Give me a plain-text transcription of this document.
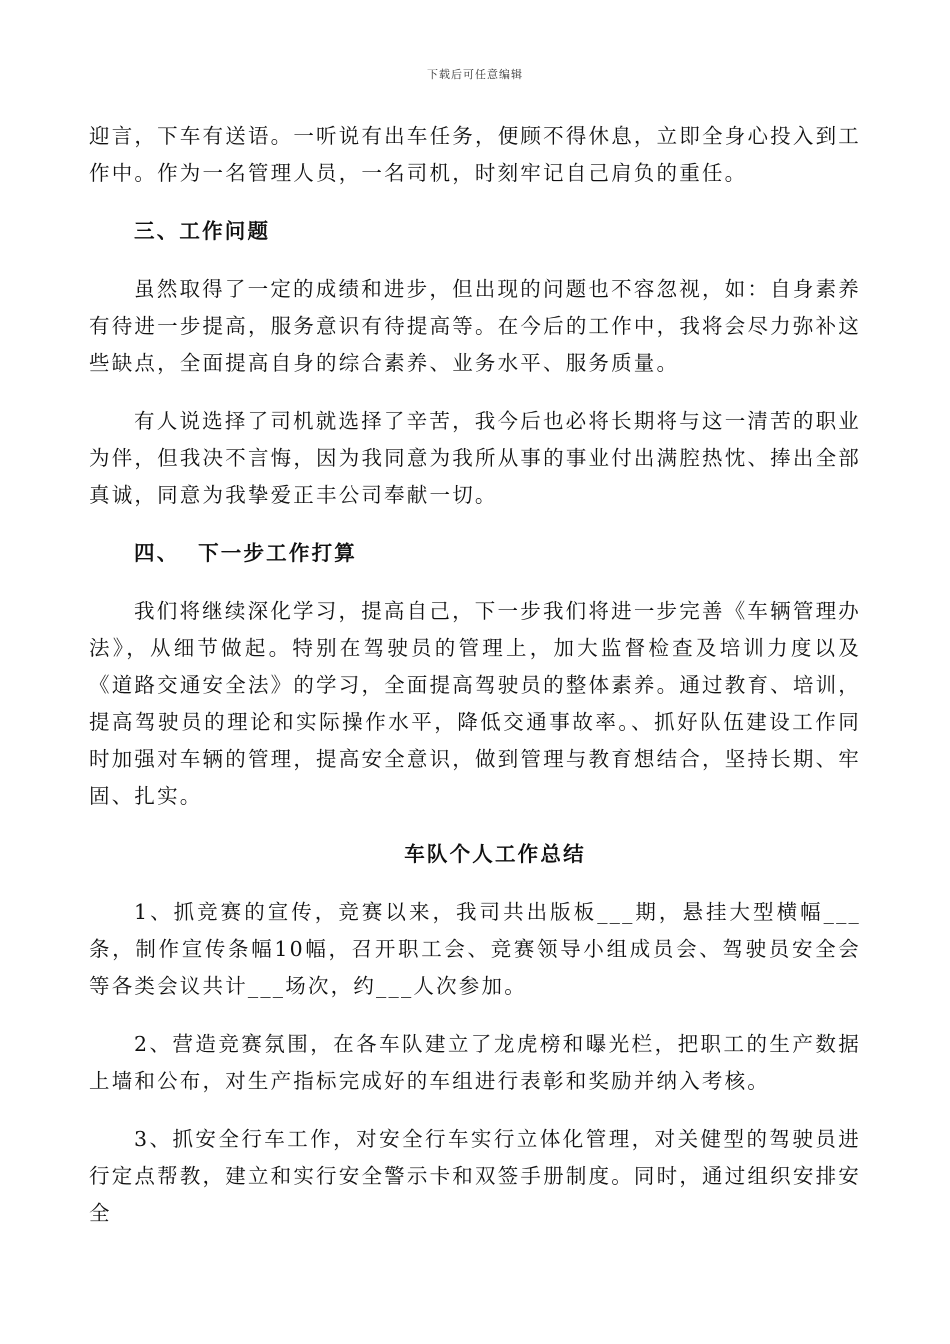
下载后可任意编辑

迎言，下车有送语。一听说有出车任务，便顾不得休息，立即全身心投入到工作中。作为一名管理人员，一名司机，时刻牢记自己肩负的重任。

三、工作问题

虽然取得了一定的成绩和进步，但出现的问题也不容忽视，如：自身素养有待进一步提高，服务意识有待提高等。在今后的工作中，我将会尽力弥补这些缺点，全面提高自身的综合素养、业务水平、服务质量。

有人说选择了司机就选择了辛苦，我今后也必将长期将与这一清苦的职业为伴，但我决不言悔，因为我同意为我所从事的事业付出满腔热忱、捧出全部真诚，同意为我挚爱正丰公司奉献一切。

四、  下一步工作打算

我们将继续深化学习，提高自己，下一步我们将进一步完善《车辆管理办法》，从细节做起。特别在驾驶员的管理上，加大监督检查及培训力度以及《道路交通安全法》的学习，全面提高驾驶员的整体素养。通过教育、培训，提高驾驶员的理论和实际操作水平，降低交通事故率。、抓好队伍建设工作同时加强对车辆的管理，提高安全意识，做到管理与教育想结合，坚持长期、牢固、扎实。

车队个人工作总结

1、抓竞赛的宣传，竞赛以来，我司共出版板___期，悬挂大型横幅___条，制作宣传条幅10幅，召开职工会、竞赛领导小组成员会、驾驶员安全会等各类会议共计___场次，约___人次参加。

2、营造竞赛氛围，在各车队建立了龙虎榜和曝光栏，把职工的生产数据上墙和公布，对生产指标完成好的车组进行表彰和奖励并纳入考核。

3、抓安全行车工作，对安全行车实行立体化管理，对关健型的驾驶员进行定点帮教，建立和实行安全警示卡和双签手册制度。同时，通过组织安排安全
